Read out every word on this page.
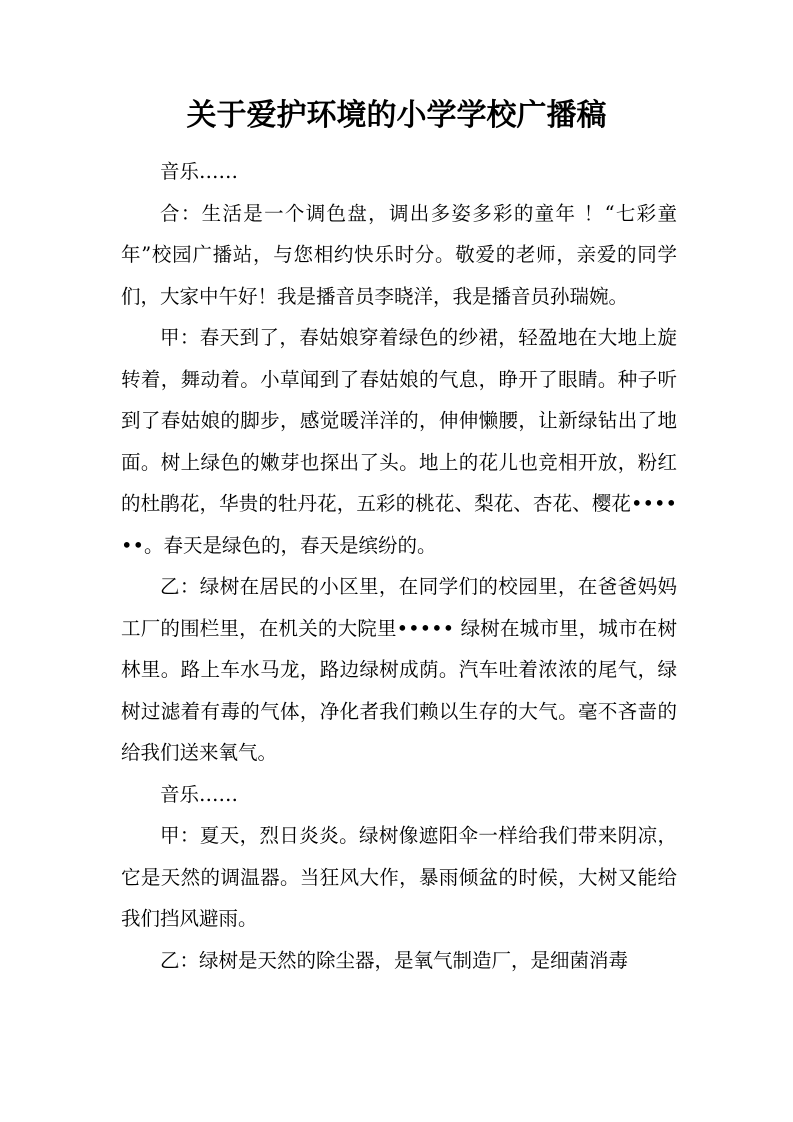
关于爱护环境的小学学校广播稿

音乐……

合：生活是一个调色盘，调出多姿多彩的童年 ！“七彩童年”校园广播站，与您相约快乐时分。敬爱的老师，亲爱的同学们，大家中午好！我是播音员李晓洋，我是播音员孙瑞婉。

甲：春天到了，春姑娘穿着绿色的纱裙，轻盈地在大地上旋转着，舞动着。小草闻到了春姑娘的气息，睁开了眼睛。种子听到了春姑娘的脚步，感觉暖洋洋的，伸伸懒腰，让新绿钻出了地面。树上绿色的嫩芽也探出了头。地上的花儿也竞相开放，粉红的杜鹃花，华贵的牡丹花，五彩的桃花、梨花、杏花、樱花••••••。春天是绿色的，春天是缤纷的。

乙：绿树在居民的小区里，在同学们的校园里，在爸爸妈妈工厂的围栏里，在机关的大院里••••• 绿树在城市里，城市在树林里。路上车水马龙，路边绿树成荫。汽车吐着浓浓的尾气，绿树过滤着有毒的气体，净化者我们赖以生存的大气。毫不吝啬的给我们送来氧气。

音乐……

甲：夏天，烈日炎炎。绿树像遮阳伞一样给我们带来阴凉，它是天然的调温器。当狂风大作，暴雨倾盆的时候，大树又能给我们挡风避雨。

乙：绿树是天然的除尘器，是氧气制造厂，是细菌消毒
